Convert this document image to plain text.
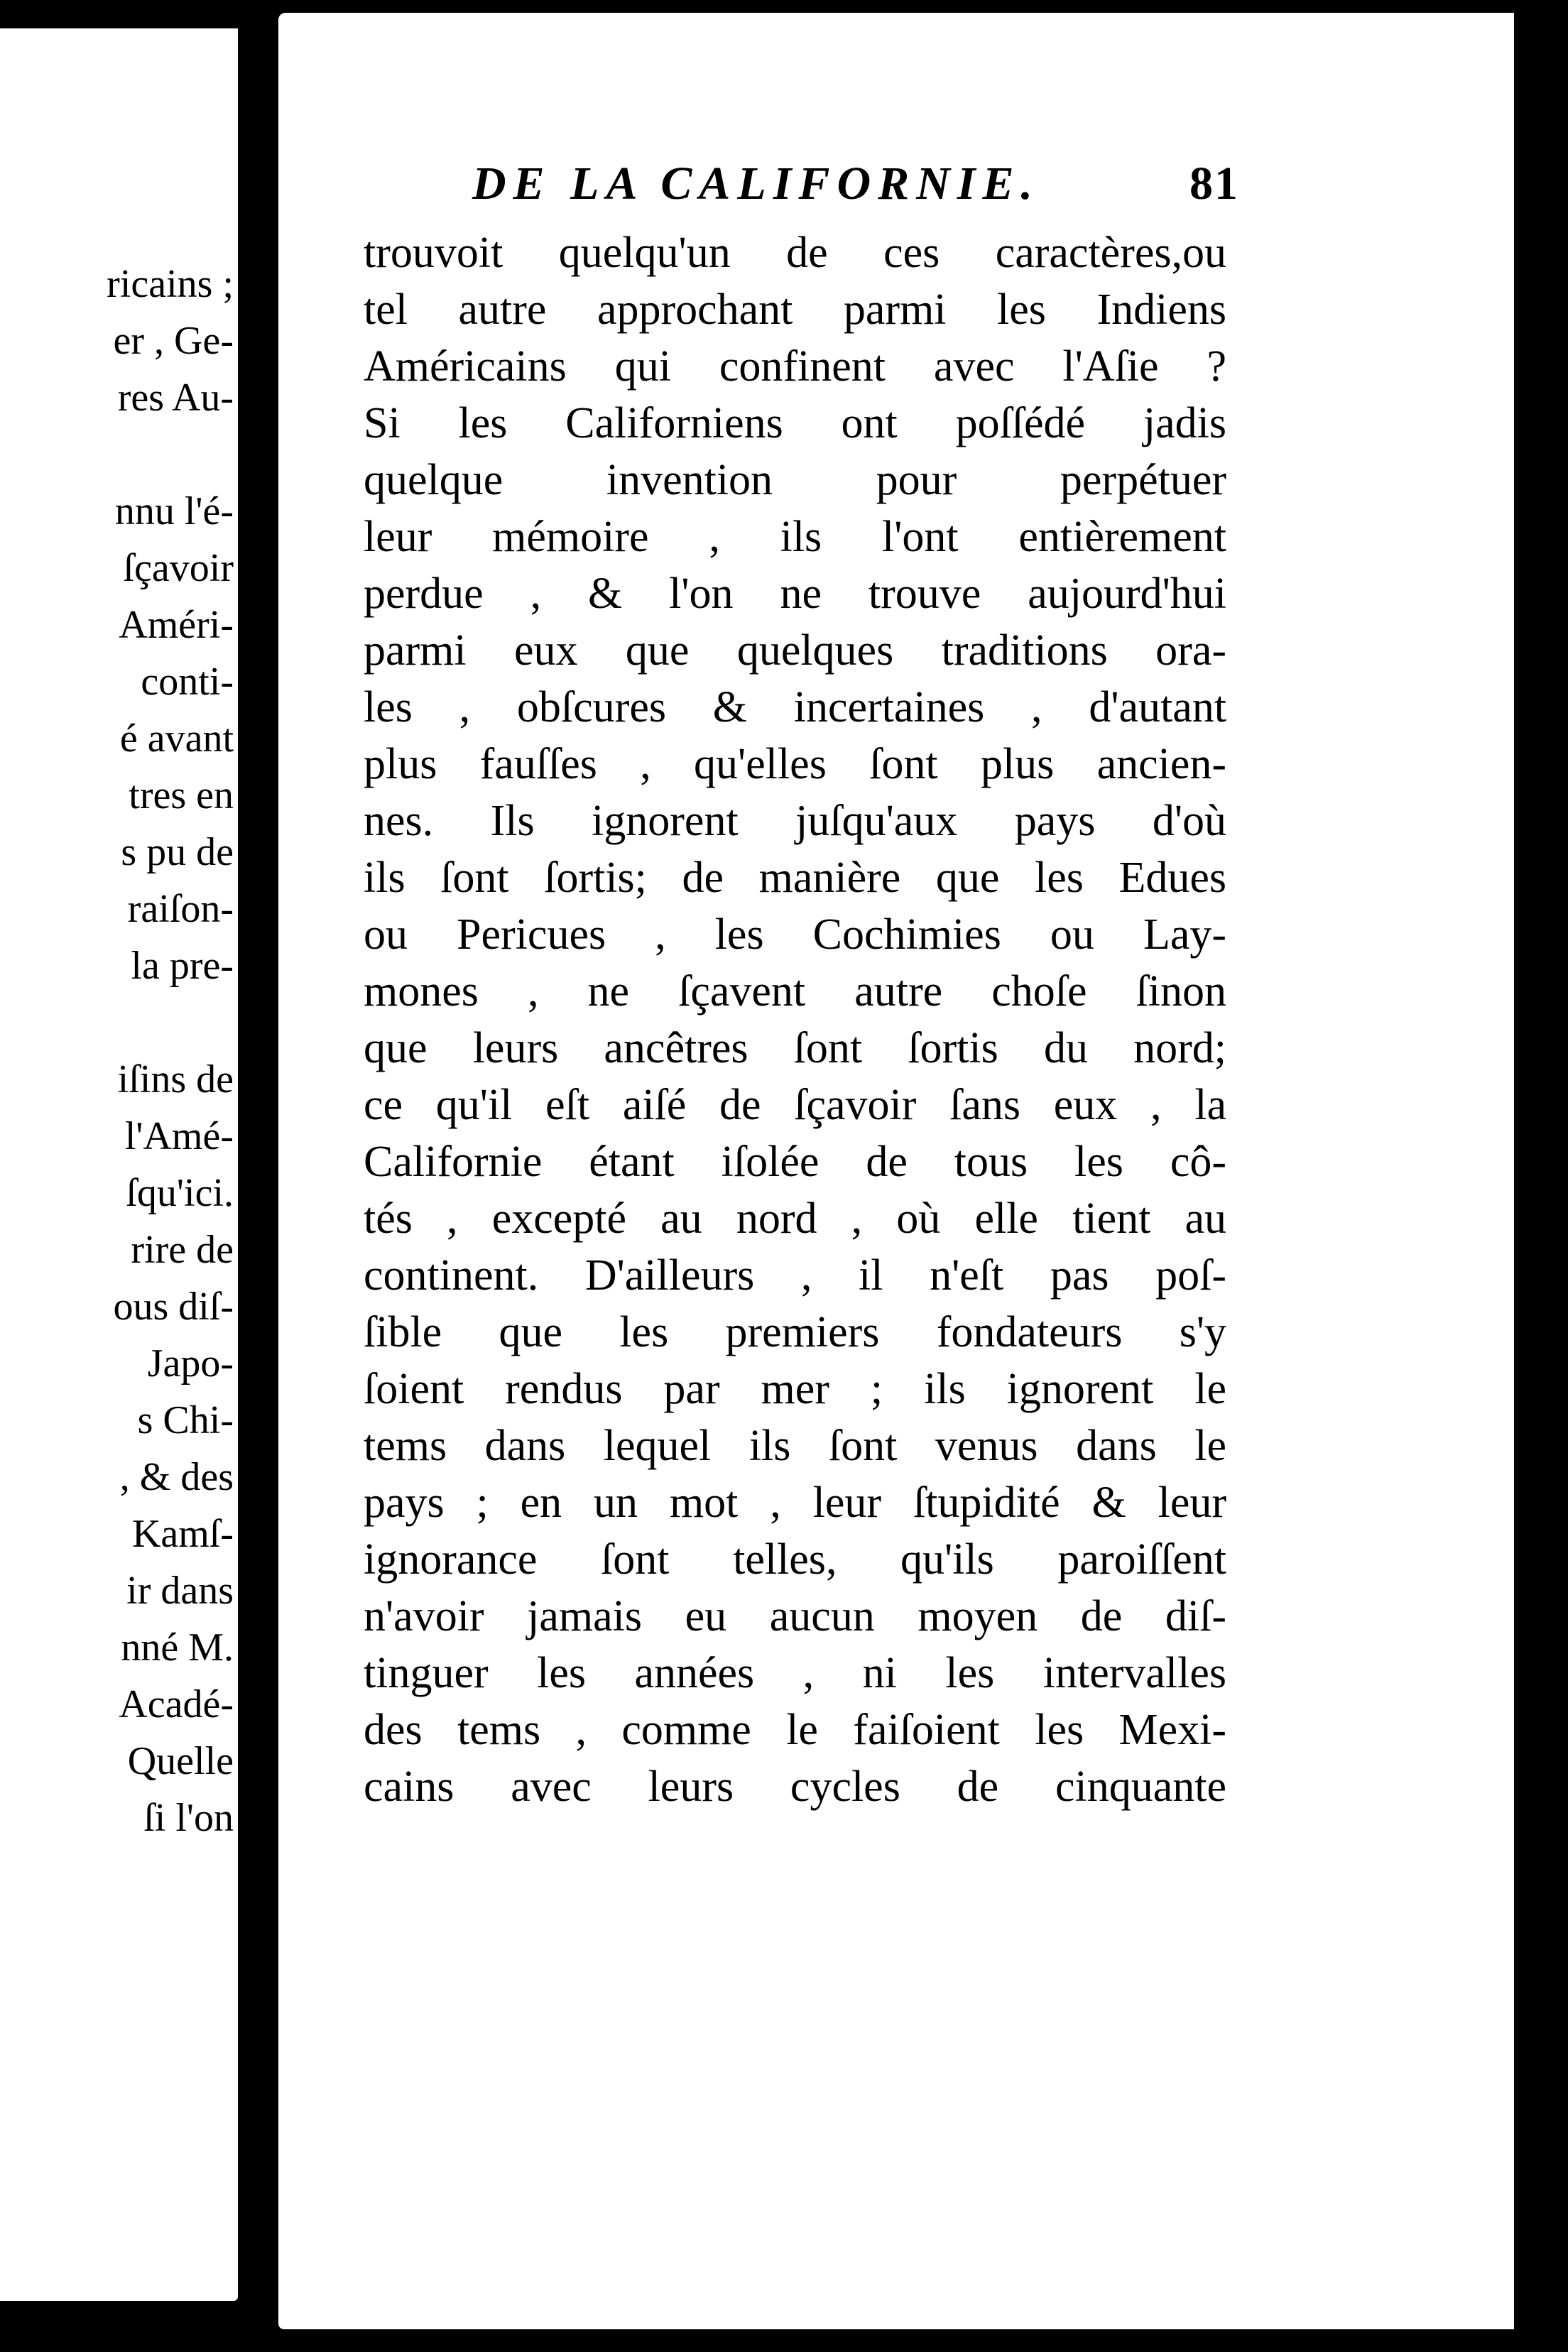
ricains ;
er , Ge-
res Au-
nnu l'é-
ſçavoir
Améri-
conti-
é avant
tres en
s pu de
raiſon-
la pre-
iſins de
l'Amé-
ſqu'ici.
rire de
ous diſ-
Japo-
s Chi-
, & des
Kamſ-
ir dans
nné M.
Acadé-
Quelle
ſi l'on
DE LA CALIFORNIE.	81
trouvoit quelqu'un de ces caractères,ou
tel autre approchant parmi les Indiens
Américains qui confinent avec l'Aſie ?
Si les Californiens ont poſſédé jadis
quelque invention pour perpétuer
leur mémoire , ils l'ont entièrement
perdue , & l'on ne trouve aujourd'hui
parmi eux que quelques traditions ora-
les , obſcures & incertaines , d'autant
plus fauſſes , qu'elles ſont plus ancien-
nes. Ils ignorent juſqu'aux pays d'où
ils ſont ſortis; de manière que les Edues
ou Pericues , les Cochimies ou Lay-
mones , ne ſçavent autre choſe ſinon
que leurs ancêtres ſont ſortis du nord;
ce qu'il eſt aiſé de ſçavoir ſans eux , la
Californie étant iſolée de tous les cô-
tés , excepté au nord , où elle tient au
continent. D'ailleurs , il n'eſt pas poſ-
ſible que les premiers fondateurs s'y
ſoient rendus par mer ; ils ignorent le
tems dans lequel ils ſont venus dans le
pays ; en un mot , leur ſtupidité & leur
ignorance ſont telles, qu'ils paroiſſent
n'avoir jamais eu aucun moyen de diſ-
tinguer les années , ni les intervalles
des tems , comme le faiſoient les Mexi-
cains avec leurs cycles de cinquante
